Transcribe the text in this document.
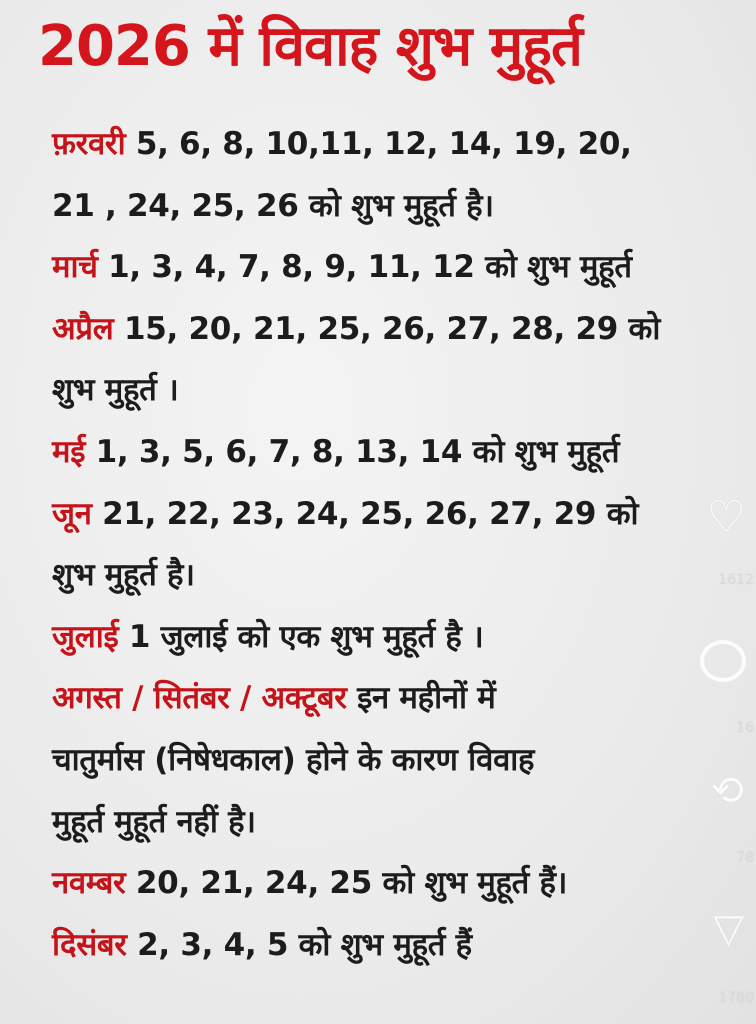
2026 में विवाह शुभ मुहूर्त
फ़रवरी 5, 6, 8, 10,11, 12, 14, 19, 20,
21 , 24, 25, 26 को शुभ मुहूर्त है।
मार्च 1, 3, 4, 7, 8, 9, 11, 12 को शुभ मुहूर्त
अप्रैल 15, 20, 21, 25, 26, 27, 28, 29 को
शुभ मुहूर्त ।
मई 1, 3, 5, 6, 7, 8, 13, 14 को शुभ मुहूर्त
जून 21, 22, 23, 24, 25, 26, 27, 29 को
शुभ मुहूर्त है।
जुलाई 1 जुलाई को एक शुभ मुहूर्त है ।
अगस्त / सितंबर / अक्टूबर इन महीनों में
चातुर्मास (निषेधकाल) होने के कारण विवाह
मुहूर्त मुहूर्त नहीं है।
नवम्बर 20, 21, 24, 25 को शुभ मुहूर्त हैं।
दिसंबर 2, 3, 4, 5 को शुभ मुहूर्त हैं
♡
1612
16
⟲
78
▽
1780
